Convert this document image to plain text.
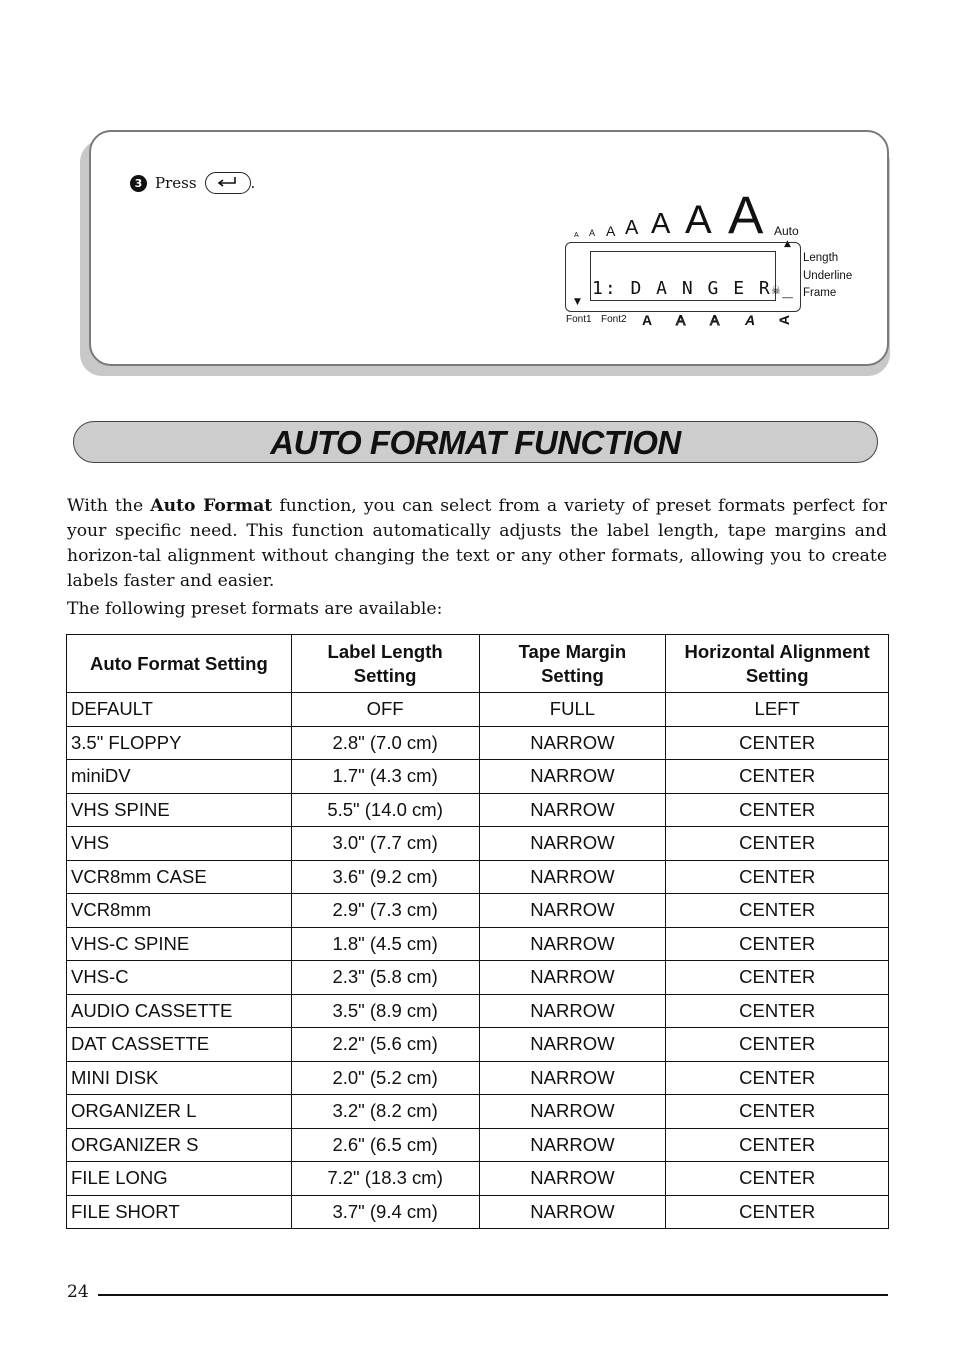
3 Press	.
A A A A A A A Auto
▲
1: D A N G E R☠_
▼
Length
Underline
Frame
Font1 Font2 A A A A A
AUTO FORMAT FUNCTION
With the Auto Format function, you can select from a variety of preset formats perfect for your specific need. This function automatically adjusts the label length, tape margins and horizon-tal alignment without changing the text or any other formats, allowing you to create labels faster and easier.
The following preset formats are available:
Auto Format Setting	Label Length Setting	Tape Margin Setting	Horizontal Alignment Setting
DEFAULT	OFF	FULL	LEFT
3.5" FLOPPY	2.8" (7.0 cm)	NARROW	CENTER
miniDV	1.7" (4.3 cm)	NARROW	CENTER
VHS SPINE	5.5" (14.0 cm)	NARROW	CENTER
VHS	3.0" (7.7 cm)	NARROW	CENTER
VCR8mm CASE	3.6" (9.2 cm)	NARROW	CENTER
VCR8mm	2.9" (7.3 cm)	NARROW	CENTER
VHS-C SPINE	1.8" (4.5 cm)	NARROW	CENTER
VHS-C	2.3" (5.8 cm)	NARROW	CENTER
AUDIO CASSETTE	3.5" (8.9 cm)	NARROW	CENTER
DAT CASSETTE	2.2" (5.6 cm)	NARROW	CENTER
MINI DISK	2.0" (5.2 cm)	NARROW	CENTER
ORGANIZER L	3.2" (8.2 cm)	NARROW	CENTER
ORGANIZER S	2.6" (6.5 cm)	NARROW	CENTER
FILE LONG	7.2" (18.3 cm)	NARROW	CENTER
FILE SHORT	3.7" (9.4 cm)	NARROW	CENTER
24
